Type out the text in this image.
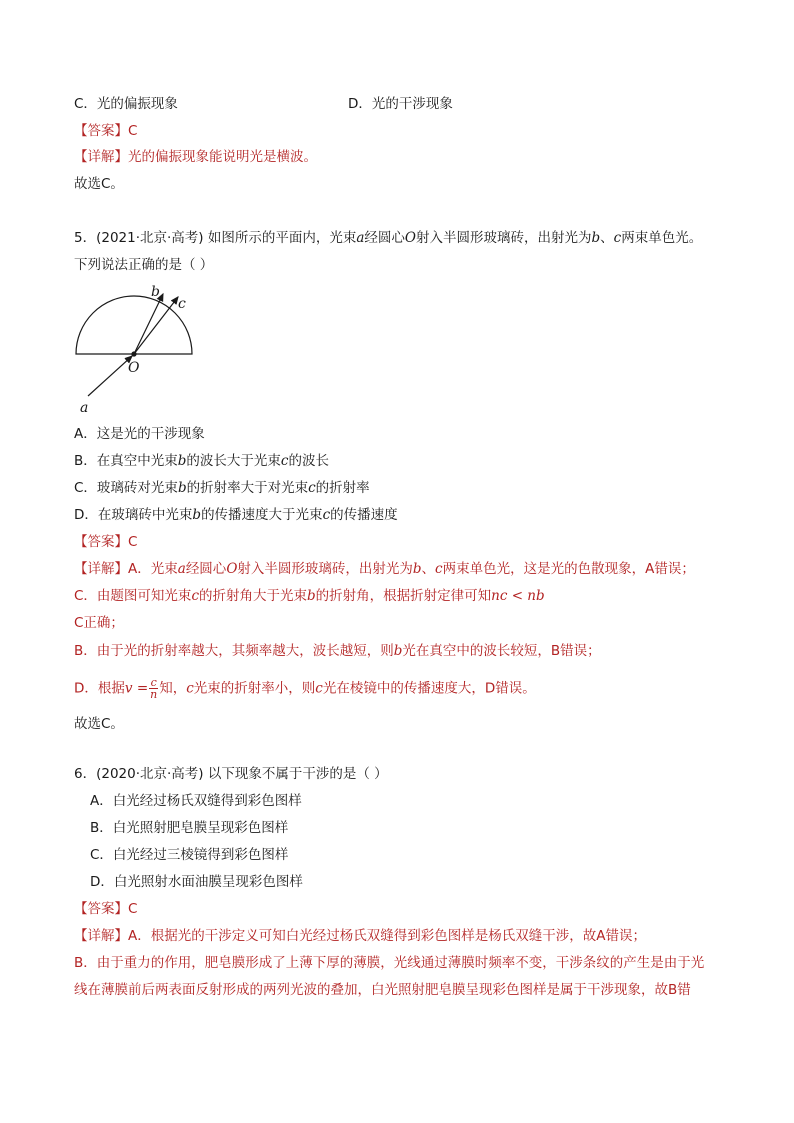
C．光的偏振现象	D．光的干涉现象
【答案】C
【详解】光的偏振现象能说明光是横波。
故选C。
5．(2021·北京·高考) 如图所示的平面内，光束a经圆心O射入半圆形玻璃砖，出射光为b、c两束单色光。
下列说法正确的是（ ）
O
a
b
c
A．这是光的干涉现象
B．在真空中光束b的波长大于光束c的波长
C．玻璃砖对光束b的折射率大于对光束c的折射率
D．在玻璃砖中光束b的传播速度大于光束c的传播速度
【答案】C
【详解】A．光束a经圆心O射入半圆形玻璃砖，出射光为b、c两束单色光，这是光的色散现象，A错误；
C．由题图可知光束c的折射角大于光束b的折射角，根据折射定律可知nc < nb
C正确；
B．由于光的折射率越大，其频率越大，波长越短，则b光在真空中的波长较短，B错误；
D．根据$v = \frac{c}{n}$ 知，c光束的折射率小，则c光在棱镜中的传播速度大，D错误。
故选C。
6．(2020·北京·高考) 以下现象不属于干涉的是（ ）
A．白光经过杨氏双缝得到彩色图样
B．白光照射肥皂膜呈现彩色图样
C．白光经过三棱镜得到彩色图样
D．白光照射水面油膜呈现彩色图样
【答案】C
【详解】A．根据光的干涉定义可知白光经过杨氏双缝得到彩色图样是杨氏双缝干涉，故A错误；
B．由于重力的作用，肥皂膜形成了上薄下厚的薄膜，光线通过薄膜时频率不变，干涉条纹的产生是由于光
线在薄膜前后两表面反射形成的两列光波的叠加，白光照射肥皂膜呈现彩色图样是属于干涉现象，故B错
